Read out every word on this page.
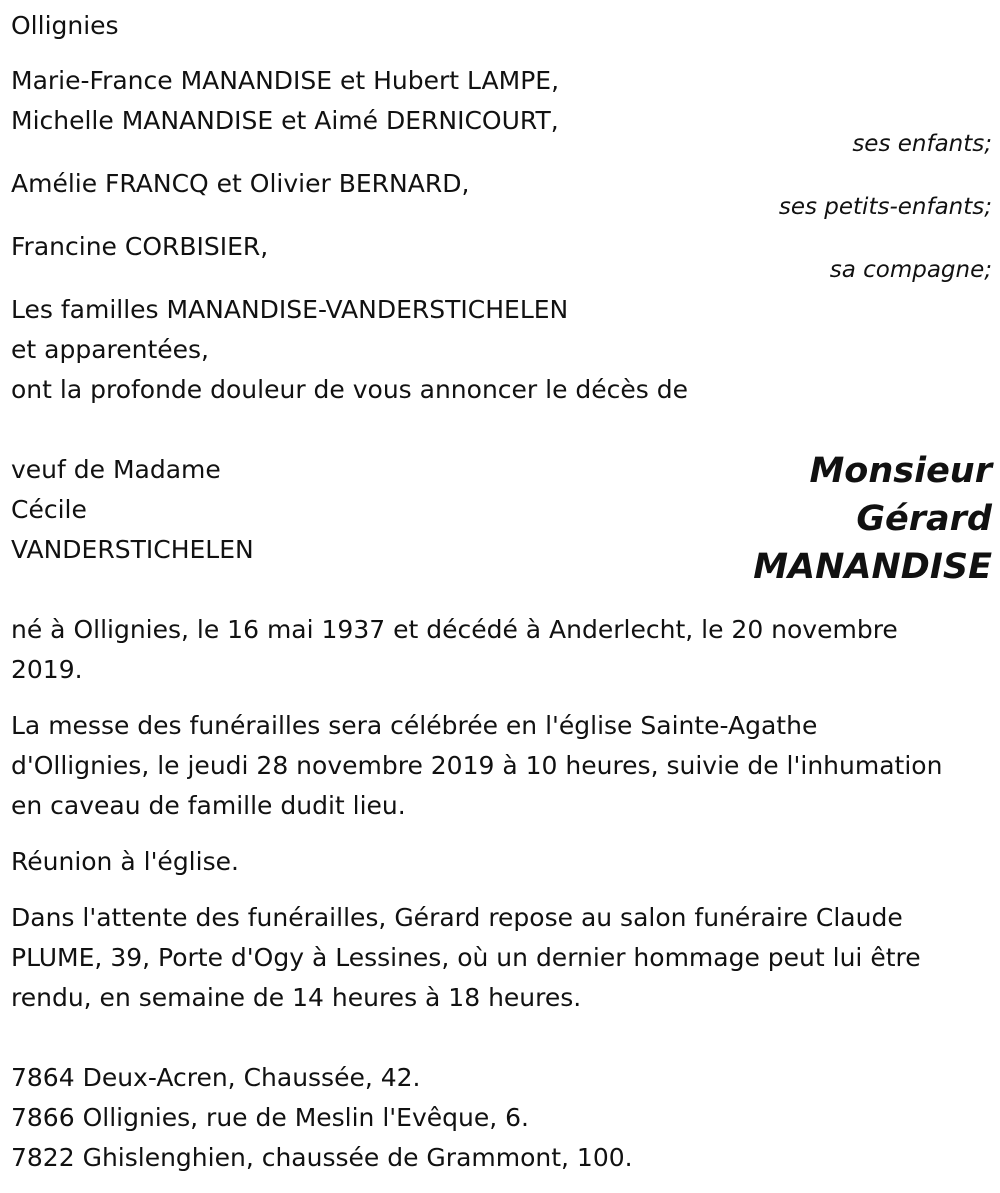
Ollignies
Marie-France MANANDISE et Hubert LAMPE,
Michelle MANANDISE et Aimé DERNICOURT,
ses enfants;
Amélie FRANCQ et Olivier BERNARD,
ses petits-enfants;
Francine CORBISIER,
sa compagne;
Les familles MANANDISE-VANDERSTICHELEN
et apparentées,
ont la profonde douleur de vous annoncer le décès de
veuf de Madame
Cécile
VANDERSTICHELEN
Monsieur
Gérard
MANANDISE
né à Ollignies, le 16 mai 1937 et décédé à Anderlecht, le 20 novembre
2019.
La messe des funérailles sera célébrée en l'église Sainte-Agathe
d'Ollignies, le jeudi 28 novembre 2019 à 10 heures, suivie de l'inhumation
en caveau de famille dudit lieu.
Réunion à l'église.
Dans l'attente des funérailles, Gérard repose au salon funéraire Claude
PLUME, 39, Porte d'Ogy à Lessines, où un dernier hommage peut lui être
rendu, en semaine de 14 heures à 18 heures.
7864 Deux-Acren, Chaussée, 42.
7866 Ollignies, rue de Meslin l'Evêque, 6.
7822 Ghislenghien, chaussée de Grammont, 100.
